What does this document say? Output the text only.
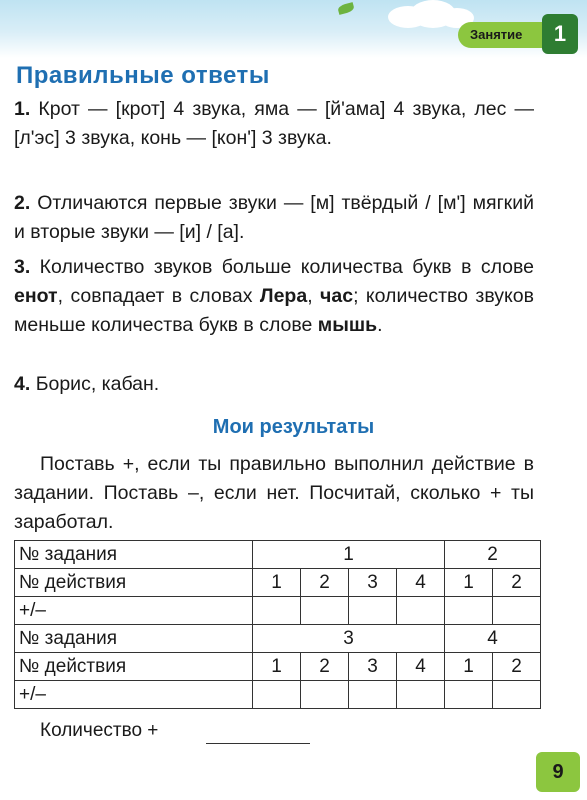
Занятие	1
Правильные ответы

1. Крот — [крот] 4 звука, яма — [й'ама] 4 звука, лес — [л'эс] 3 звука, конь — [кон'] 3 звука.

2. Отличаются первые звуки — [м] твёрдый / [м'] мягкий и вторые звуки — [и] / [а].

3. Количество звуков больше количества букв в слове енот, совпадает в словах Лера, час; количество звуков меньше количества букв в слове мышь.

4. Борис, кабан.

Мои результаты

Поставь +, если ты правильно выполнил действие в задании. Поставь –, если нет. Посчитай, сколько + ты заработал.

№ задания	1				2	
№ действия	1	2	3	4	1	2
+/–						
№ задания	3				4	
№ действия	1	2	3	4	1	2
+/–						
Количество +
9
